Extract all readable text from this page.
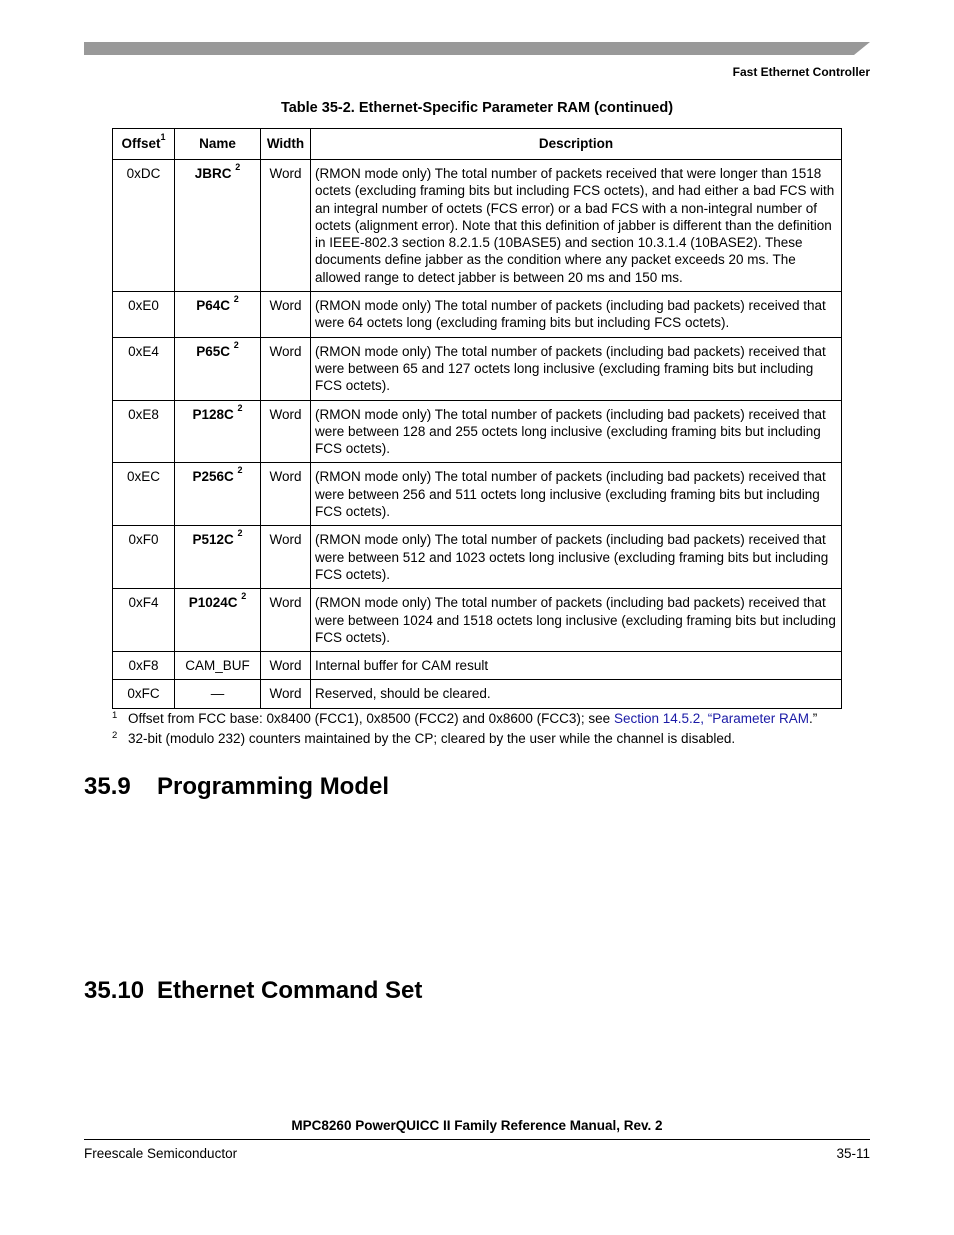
Fast Ethernet Controller
Table 35-2. Ethernet-Specific Parameter RAM (continued)
Offset$^1$	Name	Width	Description
0xDC	JBRC $^2$	Word	(RMON mode only) The total number of packets received that were longer than 1518 octets (excluding framing bits but including FCS octets), and had either a bad FCS with an integral number of octets (FCS error) or a bad FCS with a non-integral number of octets (alignment error). Note that this definition of jabber is different than the definition in IEEE-802.3 section 8.2.1.5 (10BASE5) and section 10.3.1.4 (10BASE2). These documents define jabber as the condition where any packet exceeds 20 ms. The allowed range to detect jabber is between 20 ms and 150 ms.
0xE0	P64C $^2$	Word	(RMON mode only) The total number of packets (including bad packets) received that were 64 octets long (excluding framing bits but including FCS octets).
0xE4	P65C $^2$	Word	(RMON mode only) The total number of packets (including bad packets) received that were between 65 and 127 octets long inclusive (excluding framing bits but including FCS octets).
0xE8	P128C $^2$	Word	(RMON mode only) The total number of packets (including bad packets) received that were between 128 and 255 octets long inclusive (excluding framing bits but including FCS octets).
0xEC	P256C $^2$	Word	(RMON mode only) The total number of packets (including bad packets) received that were between 256 and 511 octets long inclusive (excluding framing bits but including FCS octets).
0xF0	P512C $^2$	Word	(RMON mode only) The total number of packets (including bad packets) received that were between 512 and 1023 octets long inclusive (excluding framing bits but including FCS octets).
0xF4	P1024C $^2$	Word	(RMON mode only) The total number of packets (including bad packets) received that were between 1024 and 1518 octets long inclusive (excluding framing bits but including FCS octets).
0xF8	CAM_BUF	Word	Internal buffer for CAM result
0xFC	—	Word	Reserved, should be cleared.
1 Offset from FCC base: 0x8400 (FCC1), 0x8500 (FCC2) and 0x8600 (FCC3); see Section 14.5.2, “Parameter RAM.”
2 32-bit (modulo 232) counters maintained by the CP; cleared by the user while the channel is disabled.
35.9 Programming Model
35.10 Ethernet Command Set
MPC8260 PowerQUICC II Family Reference Manual, Rev. 2
Freescale Semiconductor	35-11
